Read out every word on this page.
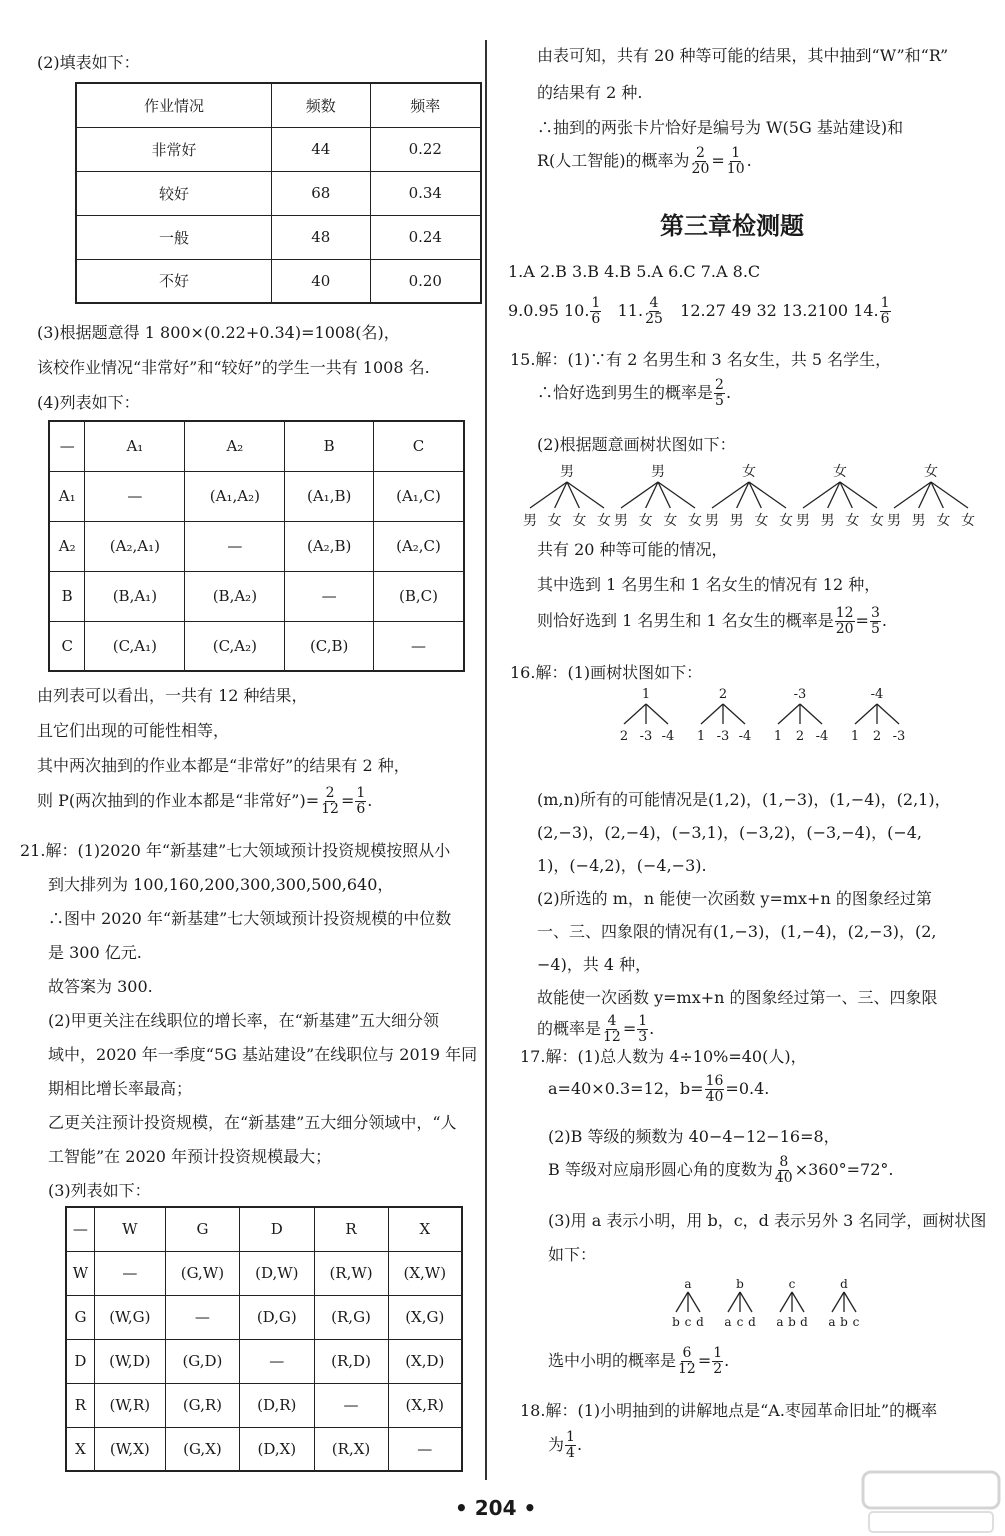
(2)填表如下：
作业情况	频数	频率
非常好	44	0.22
较好	68	0.34
一般	48	0.24
不好	40	0.20
(3)根据题意得 1 800×(0.22+0.34)=1008(名)，
该校作业情况“非常好”和“较好”的学生一共有 1008 名.
(4)列表如下：
—	A₁	A₂	B	C
A₁	—	(A₁,A₂)	(A₁,B)	(A₁,C)
A₂	(A₂,A₁)	—	(A₂,B)	(A₂,C)
B	(B,A₁)	(B,A₂)	—	(B,C)
C	(C,A₁)	(C,A₂)	(C,B)	—
由列表可以看出，一共有 12 种结果，
且它们出现的可能性相等，
其中两次抽到的作业本都是“非常好”的结果有 2 种，
则 P(两次抽到的作业本都是“非常好”)= $\frac{2}{12} = \frac{1}{6}$ .
21.解：(1)2020 年“新基建”七大领域预计投资规模按照从小
到大排列为 100,160,200,300,300,500,640，
∴图中 2020 年“新基建”七大领域预计投资规模的中位数
是 300 亿元.
故答案为 300.
(2)甲更关注在线职位的增长率，在“新基建”五大细分领
域中，2020 年一季度“5G 基站建设”在线职位与 2019 年同
期相比增长率最高；
乙更关注预计投资规模，在“新基建”五大细分领域中，“人
工智能”在 2020 年预计投资规模最大；
(3)列表如下：
—	W	G	D	R	X
W	—	(G,W)	(D,W)	(R,W)	(X,W)
G	(W,G)	—	(D,G)	(R,G)	(X,G)
D	(W,D)	(G,D)	—	(R,D)	(X,D)
R	(W,R)	(G,R)	(D,R)	—	(X,R)
X	(W,X)	(G,X)	(D,X)	(R,X)	—
由表可知，共有 20 种等可能的结果，其中抽到“W”和“R”
的结果有 2 种.
∴抽到的两张卡片恰好是编号为 W(5G 基站建设)和
R(人工智能)的概率为 $\frac{2}{20} = \frac{1}{10}$ .
第三章检测题
1.A 2.B 3.B 4.B 5.A 6.C 7.A 8.C
9.0.95 10. $\frac{1}{6} 11$. $\frac{4}{25} 12.27$ 49 32 13.2100 14. $\frac{1}{6}$
15.解：(1)∵有 2 名男生和 3 名女生，共 5 名学生，
∴恰好选到男生的概率是 $\frac{2}{5}$ .
(2)根据题意画树状图如下：
男
男 女 女 女
男
男 女 女 女
女
男 男 女 女
女
男 男 女 女
女
男 男 女 女
共有 20 种等可能的情况，
其中选到 1 名男生和 1 名女生的情况有 12 种，
则恰好选到 1 名男生和 1 名女生的概率是 $\frac{12}{20} = \frac{3}{5}$ .
16.解：(1)画树状图如下：
1
2 -3 -4
2
1 -3 -4
-3
1 2 -4
-4
1 2 -3
(m,n)所有的可能情况是(1,2)，(1,−3)，(1,−4)，(2,1)，
(2,−3)，(2,−4)，(−3,1)，(−3,2)，(−3,−4)，(−4,
1)，(−4,2)，(−4,−3).
(2)所选的 m，n 能使一次函数 y=mx+n 的图象经过第
一、三、四象限的情况有(1,−3)，(1,−4)，(2,−3)，(2,
−4)，共 4 种，
故能使一次函数 y=mx+n 的图象经过第一、三、四象限
的概率是 $\frac{4}{12} = \frac{1}{3}$ .
17.解：(1)总人数为 4÷10%=40(人)，
a=40×0.3=12，$b= \frac{16}{40} =0.4$.
(2)B 等级的频数为 40−4−12−16=8，
B 等级对应扇形圆心角的度数为 $\frac{8}{40} \times 360^\circ=72^\circ$.
(3)用 a 表示小明，用 b，c，d 表示另外 3 名同学，画树状图
如下：
a
b c d
b
a c d
c
a b d
d
a b c
选中小明的概率是 $\frac{6}{12} = \frac{1}{2}$ .
18.解：(1)小明抽到的讲解地点是“A.枣园革命旧址”的概率
为 $\frac{1}{4}$ .
• 204 •
